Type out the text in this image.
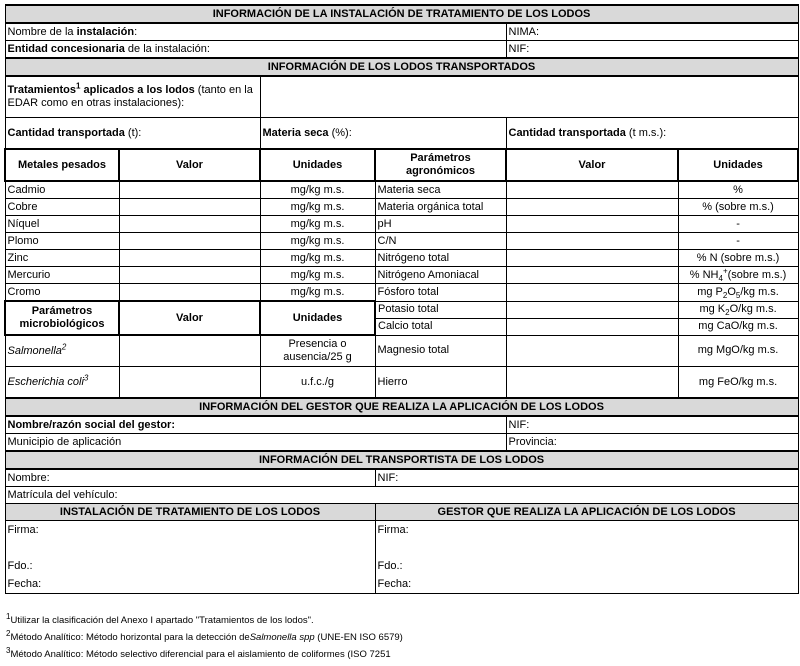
INFORMACIÓN DE LA INSTALACIÓN DE TRATAMIENTO DE LOS LODOS					
Nombre de la instalación:				NIMA:	
Entidad concesionaria de la instalación:				NIF:	
INFORMACIÓN DE LOS LODOS TRANSPORTADOS					
Tratamientos$^1$ aplicados a los lodos (tanto en la EDAR como en otras instalaciones):					
Cantidad transportada (t):		Materia seca (%):		Cantidad transportada (t m.s.):	
Metales pesados	Valor	Unidades	Parámetros agronómicos	Valor	Unidades
Cadmio		mg/kg m.s.	Materia seca		%
Cobre		mg/kg m.s.	Materia orgánica total		% (sobre m.s.)
Níquel		mg/kg m.s.	pH		-
Plomo		mg/kg m.s.	C/N		-
Zinc		mg/kg m.s.	Nitrógeno total		% N (sobre m.s.)
Mercurio		mg/kg m.s.	Nitrógeno Amoniacal		% $NH_4^+(sobre$ m.s.)
Cromo		mg/kg m.s.	Fósforo total		mg $P_2O_5/kg$ m.s.
Parámetros microbiológicos	Valor	Unidades	Potasio total		mg $K_2O/kg$ m.s.
			Calcio total		mg CaO/kg m.s.
Salmonella$^2$		Presencia o ausencia/25 g	Magnesio total		mg MgO/kg m.s.
Escherichia coli$^3$		u.f.c./g	Hierro		mg FeO/kg m.s.
INFORMACIÓN DEL GESTOR QUE REALIZA LA APLICACIÓN DE LOS LODOS					
Nombre/razón social del gestor:				NIF:	
Municipio de aplicación				Provincia:	
INFORMACIÓN DEL TRANSPORTISTA DE LOS LODOS					
Nombre:			NIF:		
Matrícula del vehículo:					
INSTALACIÓN DE TRATAMIENTO DE LOS LODOS			GESTOR QUE REALIZA LA APLICACIÓN DE LOS LODOS		
Firma:			Firma:		

Fdo.:			Fdo.:		
Fecha:			Fecha:		
$^1$Utilizar la clasificación del Anexo I apartado "Tratamientos de los lodos".
$^2$Método Analítico: Método horizontal para la detección deSalmonella spp (UNE-EN ISO 6579)
$^3$Método Analítico: Método selectivo diferencial para el aislamiento de coliformes (ISO 7251
